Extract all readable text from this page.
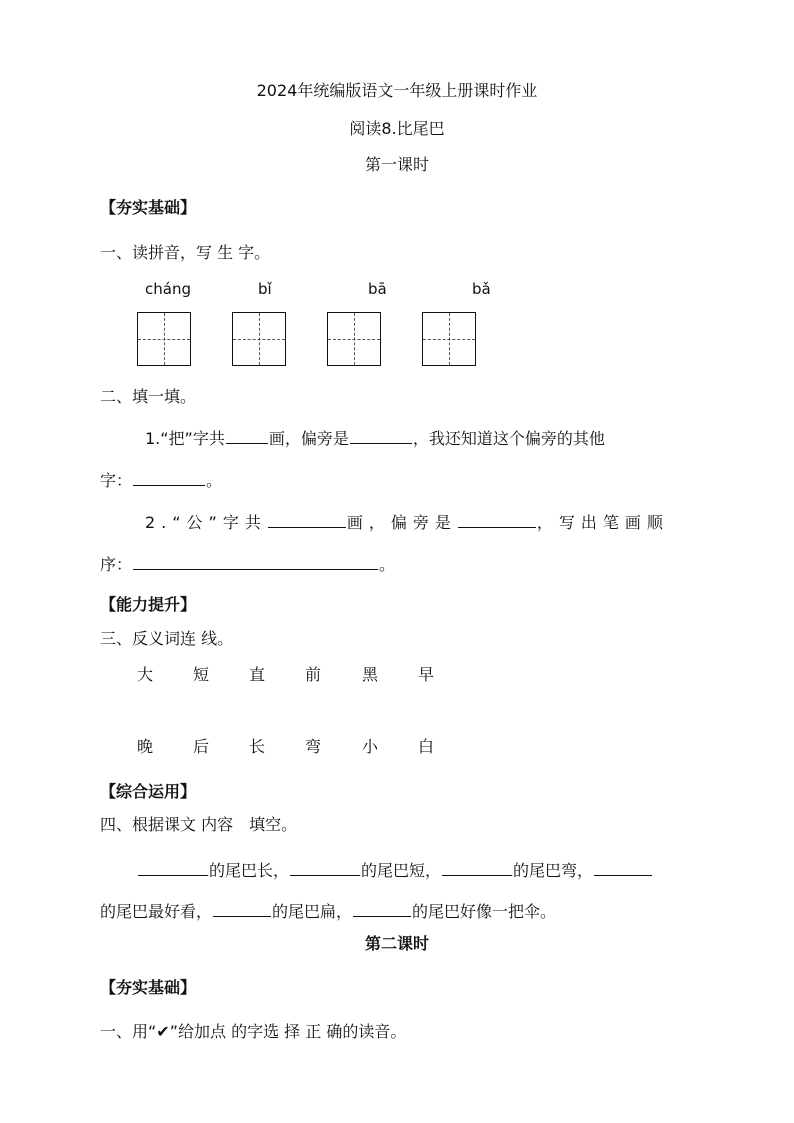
2024年统编版语文一年级上册课时作业
阅读8.比尾巴
第一课时
【夯实基础】
一、读拼音，写 生 字。
cháng	bǐ	bā	bǎ
二、填一填。
1.“把”字共	画，偏旁是	，我还知道这个偏旁的其他
字：	。
2.“公”字共	画，偏旁是	，写出笔画顺
序：	。
【能力提升】
三、反义词连 线。
大 短 直 前	黑 早
晚 后 长 弯	小 白
【综合运用】
四、根据课文 内容　填空。
的尾巴长，	的尾巴短，	的尾巴弯，
的尾巴最好看，	的尾巴扁，	的尾巴好像一把伞。
第二课时
【夯实基础】
一、用“✔”给加点 的字选 择 正 确的读音。
